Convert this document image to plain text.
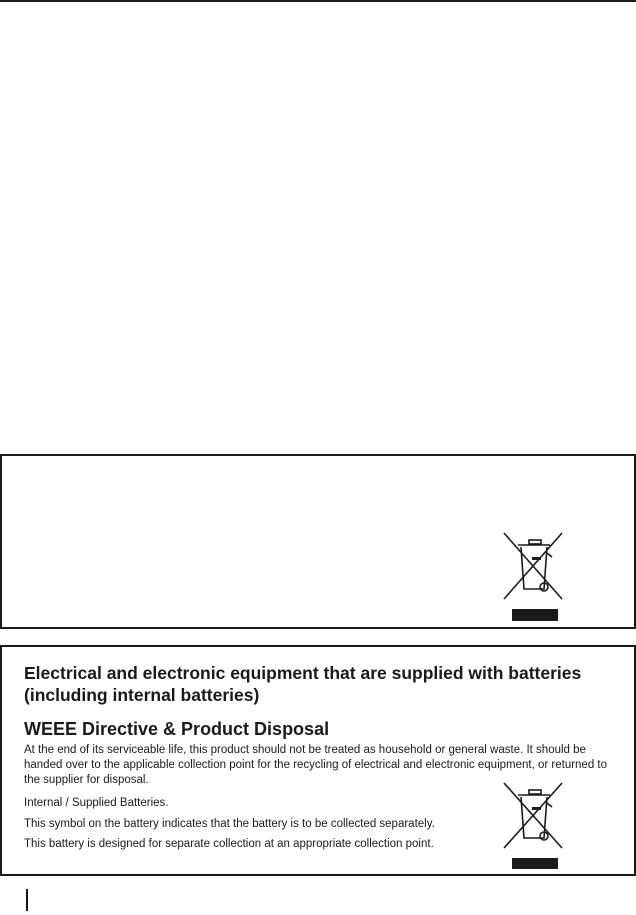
Electrical and electronic equipment that are supplied with batteries (including internal batteries)

WEEE Directive & Product Disposal

At the end of its serviceable life, this product should not be treated as household or general waste. It should be handed over to the applicable collection point for the recycling of electrical and electronic equipment, or returned to the supplier for disposal.

Internal / Supplied Batteries.

This symbol on the battery indicates that the battery is to be collected separately.

This battery is designed for separate collection at an appropriate collection point.
